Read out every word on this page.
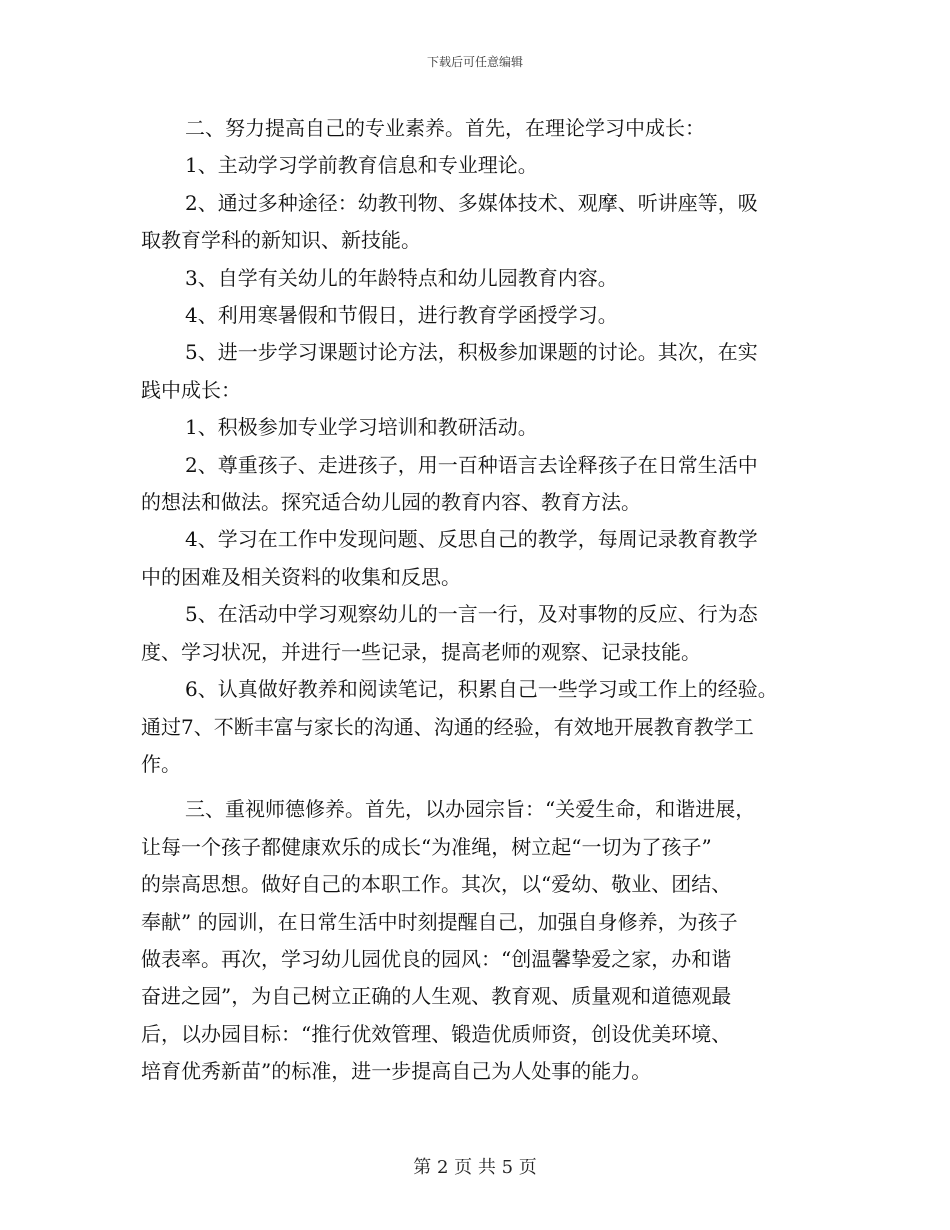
下载后可任意编辑

二、努力提高自己的专业素养。首先，在理论学习中成长：

1、主动学习学前教育信息和专业理论。

2、通过多种途径：幼教刊物、多媒体技术、观摩、听讲座等，吸

取教育学科的新知识、新技能。

3、自学有关幼儿的年龄特点和幼儿园教育内容。

4、利用寒暑假和节假日，进行教育学函授学习。

5、进一步学习课题讨论方法，积极参加课题的讨论。其次，在实

践中成长：

1、积极参加专业学习培训和教研活动。

2、尊重孩子、走进孩子，用一百种语言去诠释孩子在日常生活中

的想法和做法。探究适合幼儿园的教育内容、教育方法。

4、学习在工作中发现问题、反思自己的教学，每周记录教育教学

中的困难及相关资料的收集和反思。

5、在活动中学习观察幼儿的一言一行，及对事物的反应、行为态

度、学习状况，并进行一些记录，提高老师的观察、记录技能。

6、认真做好教养和阅读笔记，积累自己一些学习或工作上的经验。

通过7、不断丰富与家长的沟通、沟通的经验，有效地开展教育教学工

作。

三、重视师德修养。首先，以办园宗旨：“关爱生命，和谐进展，

让每一个孩子都健康欢乐的成长“为准绳，树立起“一切为了孩子”

的崇高思想。做好自己的本职工作。其次，以“爱幼、敬业、团结、

奉献” 的园训，在日常生活中时刻提醒自己，加强自身修养，为孩子

做表率。再次，学习幼儿园优良的园风：“创温馨挚爱之家，办和谐

奋进之园”，为自己树立正确的人生观、教育观、质量观和道德观最

后，以办园目标：“推行优效管理、锻造优质师资，创设优美环境、

培育优秀新苗”的标准，进一步提高自己为人处事的能力。

第 2 页 共 5 页
